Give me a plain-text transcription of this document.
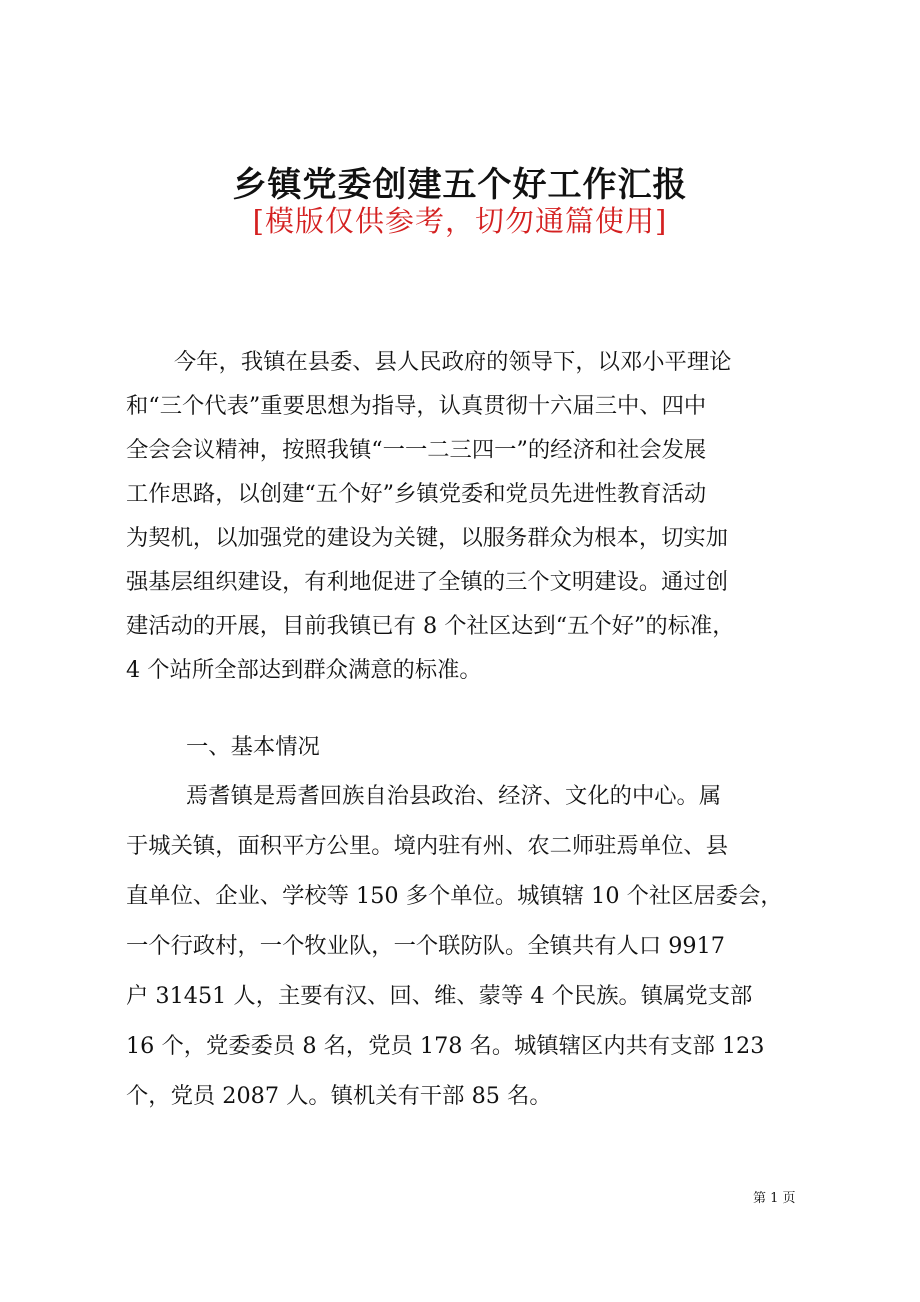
乡镇党委创建五个好工作汇报
[模版仅供参考，切勿通篇使用]
今年，我镇在县委、县人民政府的领导下，以邓小平理论
和“三个代表”重要思想为指导，认真贯彻十六届三中、四中
全会会议精神，按照我镇“一一二三四一”的经济和社会发展
工作思路，以创建“五个好”乡镇党委和党员先进性教育活动
为契机，以加强党的建设为关键，以服务群众为根本，切实加
强基层组织建设，有利地促进了全镇的三个文明建设。通过创
建活动的开展，目前我镇已有 8 个社区达到“五个好”的标准，
4 个站所全部达到群众满意的标准。
一、基本情况
焉耆镇是焉耆回族自治县政治、经济、文化的中心。属
于城关镇，面积平方公里。境内驻有州、农二师驻焉单位、县
直单位、企业、学校等 150 多个单位。城镇辖 10 个社区居委会，
一个行政村，一个牧业队，一个联防队。全镇共有人口 9917
户 31451 人，主要有汉、回、维、蒙等 4 个民族。镇属党支部
16 个，党委委员 8 名，党员 178 名。城镇辖区内共有支部 123
个，党员 2087 人。镇机关有干部 85 名。
第 1 页
